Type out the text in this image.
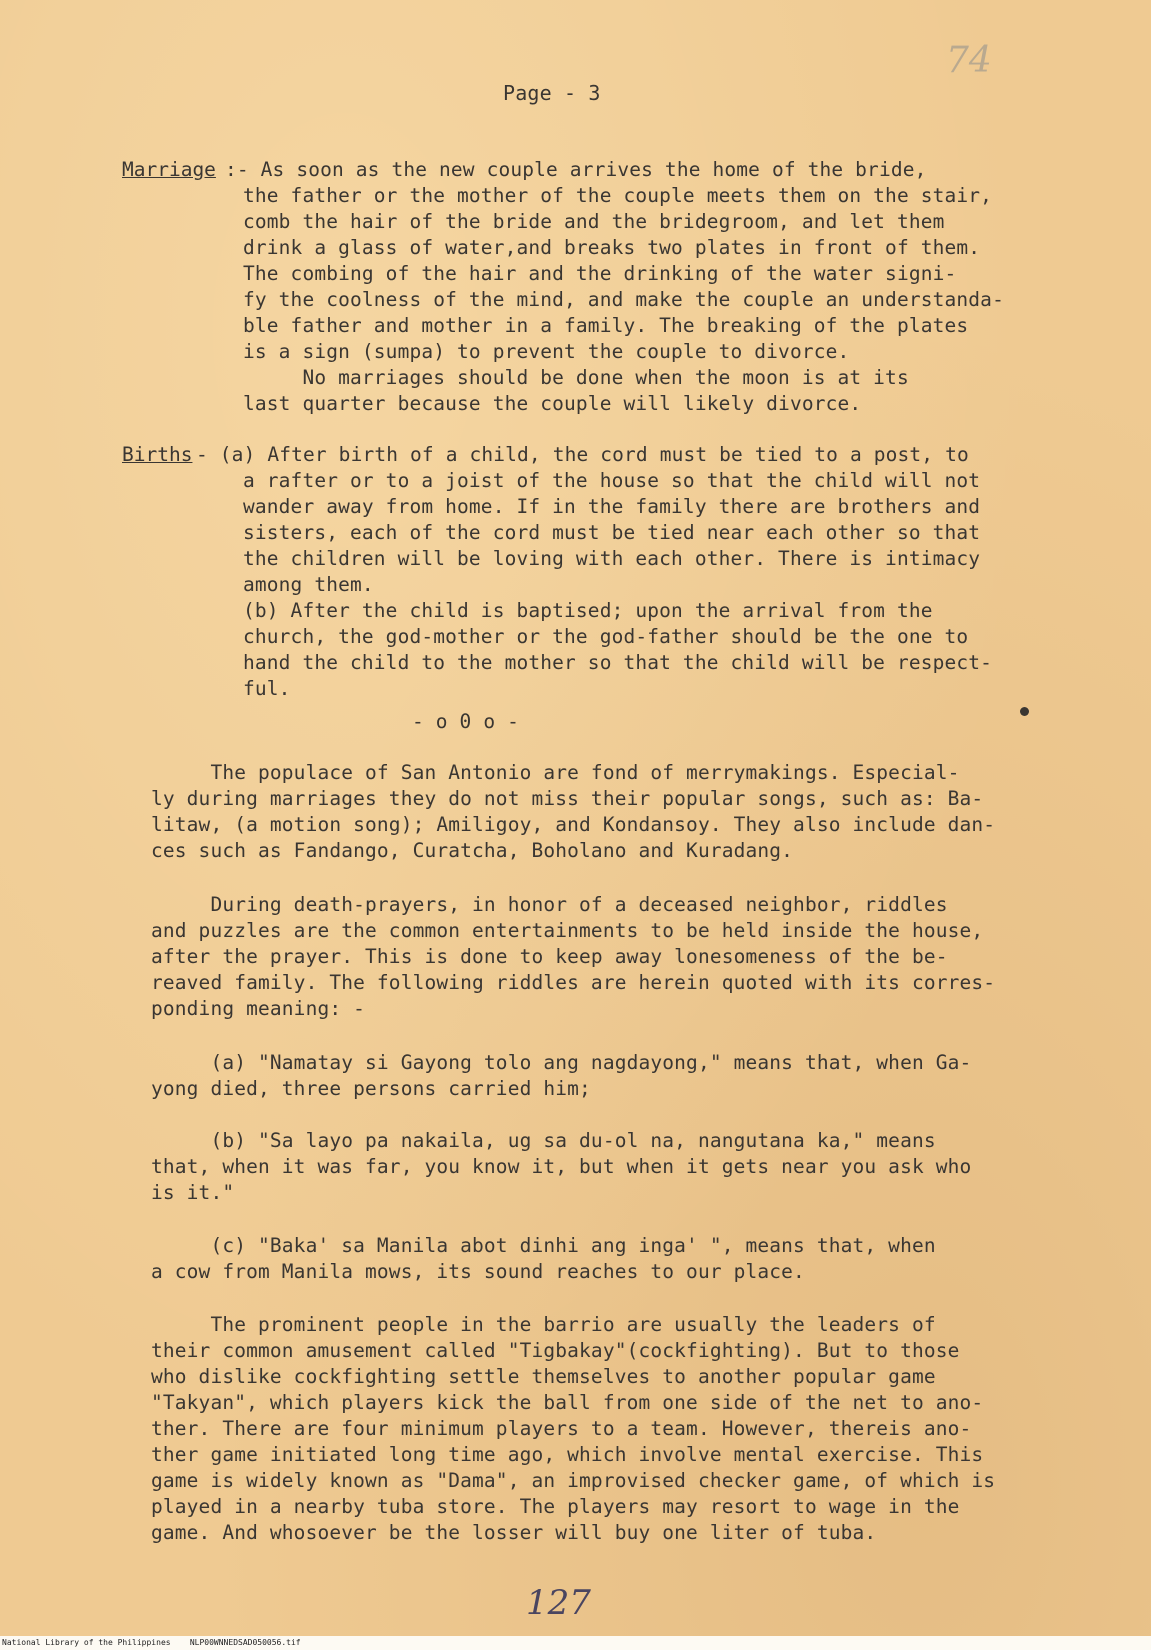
Page - 3
74
Marriage :- As soon as the new couple arrives the home of the bride,
the father or the mother of the couple meets them on the stair,
comb the hair of the bride and the bridegroom, and let them
drink a glass of water,and breaks two plates in front of them.
The combing of the hair and the drinking of the water signi-
fy the coolness of the mind, and make the couple an understanda-
ble father and mother in a family. The breaking of the plates
is a sign (sumpa) to prevent the couple to divorce.
No marriages should be done when the moon is at its
last quarter because the couple will likely divorce.
Births - (a) After birth of a child, the cord must be tied to a post, to
a rafter or to a joist of the house so that the child will not
wander away from home. If in the family there are brothers and
sisters, each of the cord must be tied near each other so that
the children will be loving with each other. There is intimacy
among them.
(b) After the child is baptised; upon the arrival from the
church, the god-mother or the god-father should be the one to
hand the child to the mother so that the child will be respect-
ful.
- o 0 o -
The populace of San Antonio are fond of merrymakings. Especial-
ly during marriages they do not miss their popular songs, such as: Ba-
litaw, (a motion song); Amiligoy, and Kondansoy. They also include dan-
ces such as Fandango, Curatcha, Boholano and Kuradang.
During death-prayers, in honor of a deceased neighbor, riddles
and puzzles are the common entertainments to be held inside the house,
after the prayer. This is done to keep away lonesomeness of the be-
reaved family. The following riddles are herein quoted with its corres-
ponding meaning: -
(a) "Namatay si Gayong tolo ang nagdayong," means that, when Ga-
yong died, three persons carried him;
(b) "Sa layo pa nakaila, ug sa du-ol na, nangutana ka," means
that, when it was far, you know it, but when it gets near you ask who
is it."
(c) "Baka' sa Manila abot dinhi ang inga' ", means that, when
a cow from Manila mows, its sound reaches to our place.
The prominent people in the barrio are usually the leaders of
their common amusement called "Tigbakay"(cockfighting). But to those
who dislike cockfighting settle themselves to another popular game
"Takyan", which players kick the ball from one side of the net to ano-
ther. There are four minimum players to a team. However, thereis ano-
ther game initiated long time ago, which involve mental exercise. This
game is widely known as "Dama", an improvised checker game, of which is
played in a nearby tuba store. The players may resort to wage in the
game. And whosoever be the losser will buy one liter of tuba.
127
National Library of the Philippines    NLP00WNNEDSAD050056.tif
